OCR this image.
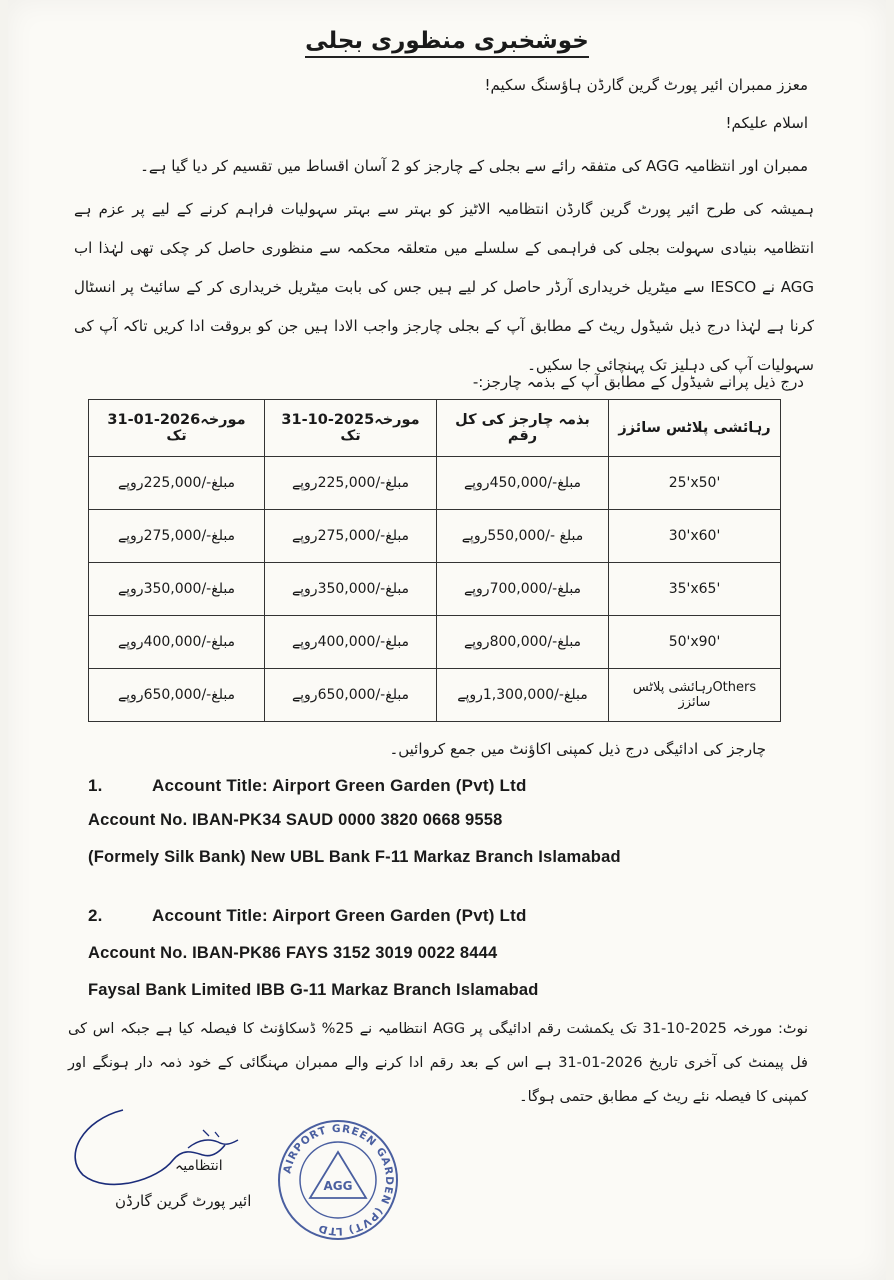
خوشخبری منظوری بجلی
معزز ممبران ائیر پورٹ گرین گارڈن ہاؤسنگ سکیم!
اسلام علیکم!
ممبران اور انتظامیہ AGG کی متفقہ رائے سے بجلی کے چارجز کو 2 آسان اقساط میں تقسیم کر دیا گیا ہے۔
ہمیشہ کی طرح ائیر پورٹ گرین گارڈن انتظامیہ الاٹیز کو بہتر سے بہتر سہولیات فراہم کرنے کے لیے پر عزم ہے انتظامیہ بنیادی سہولت بجلی کی فراہمی کے سلسلے میں متعلقہ محکمہ سے منظوری حاصل کر چکی تھی لہٰذا اب AGG نے IESCO سے میٹریل خریداری آرڈر حاصل کر لیے ہیں جس کی بابت میٹریل خریداری کر کے سائیٹ پر انسٹال کرنا ہے لہٰذا درج ذیل شیڈول ریٹ کے مطابق آپ کے بجلی چارجز واجب الادا ہیں جن کو بروقت ادا کریں تاکہ آپ کی سہولیات آپ کی دہلیز تک پہنچائی جا سکیں۔
درج ذیل پرانے شیڈول کے مطابق آپ کے بذمہ چارجز:-
رہائشی پلاٹس سائزز	بذمہ چارجز کی کل رقم	مورخہ2025-10-31 تک	مورخہ2026-01-31 تک
25'x50'	مبلغ-/450,000روپے	مبلغ-/225,000روپے	مبلغ-/225,000روپے
30'x60'	مبلغ -/550,000روپے	مبلغ-/275,000روپے	مبلغ-/275,000روپے
35'x65'	مبلغ-/700,000روپے	مبلغ-/350,000روپے	مبلغ-/350,000روپے
50'x90'	مبلغ-/800,000روپے	مبلغ-/400,000روپے	مبلغ-/400,000روپے
Othersرہائشی پلاٹس سائزز	مبلغ-/1,300,000روپے	مبلغ-/650,000روپے	مبلغ-/650,000روپے
چارجز کی ادائیگی درج ذیل کمپنی اکاؤنٹ میں جمع کروائیں۔
1.	Account Title: Airport Green Garden (Pvt) Ltd
Account No. IBAN-PK34 SAUD 0000 3820 0668 9558
(Formely Silk Bank) New UBL Bank F-11 Markaz Branch Islamabad
2.	Account Title: Airport Green Garden (Pvt) Ltd
Account No. IBAN-PK86 FAYS 3152 3019 0022 8444
Faysal Bank Limited IBB G-11 Markaz Branch Islamabad
نوٹ: مورخہ 2025-10-31 تک یکمشت رقم ادائیگی پر AGG انتظامیہ نے 25% ڈسکاؤنٹ کا فیصلہ کیا ہے جبکہ اس کی فل پیمنٹ کی آخری تاریخ 2026-01-31 ہے اس کے بعد رقم ادا کرنے والے ممبران مہنگائی کے خود ذمہ دار ہونگے اور کمپنی کا فیصلہ نئے ریٹ کے مطابق حتمی ہوگا۔
انتظامیہ
ائیر پورٹ گرین گارڈن
AIRPORT GREEN GARDEN (PVT) LTD
AGG
